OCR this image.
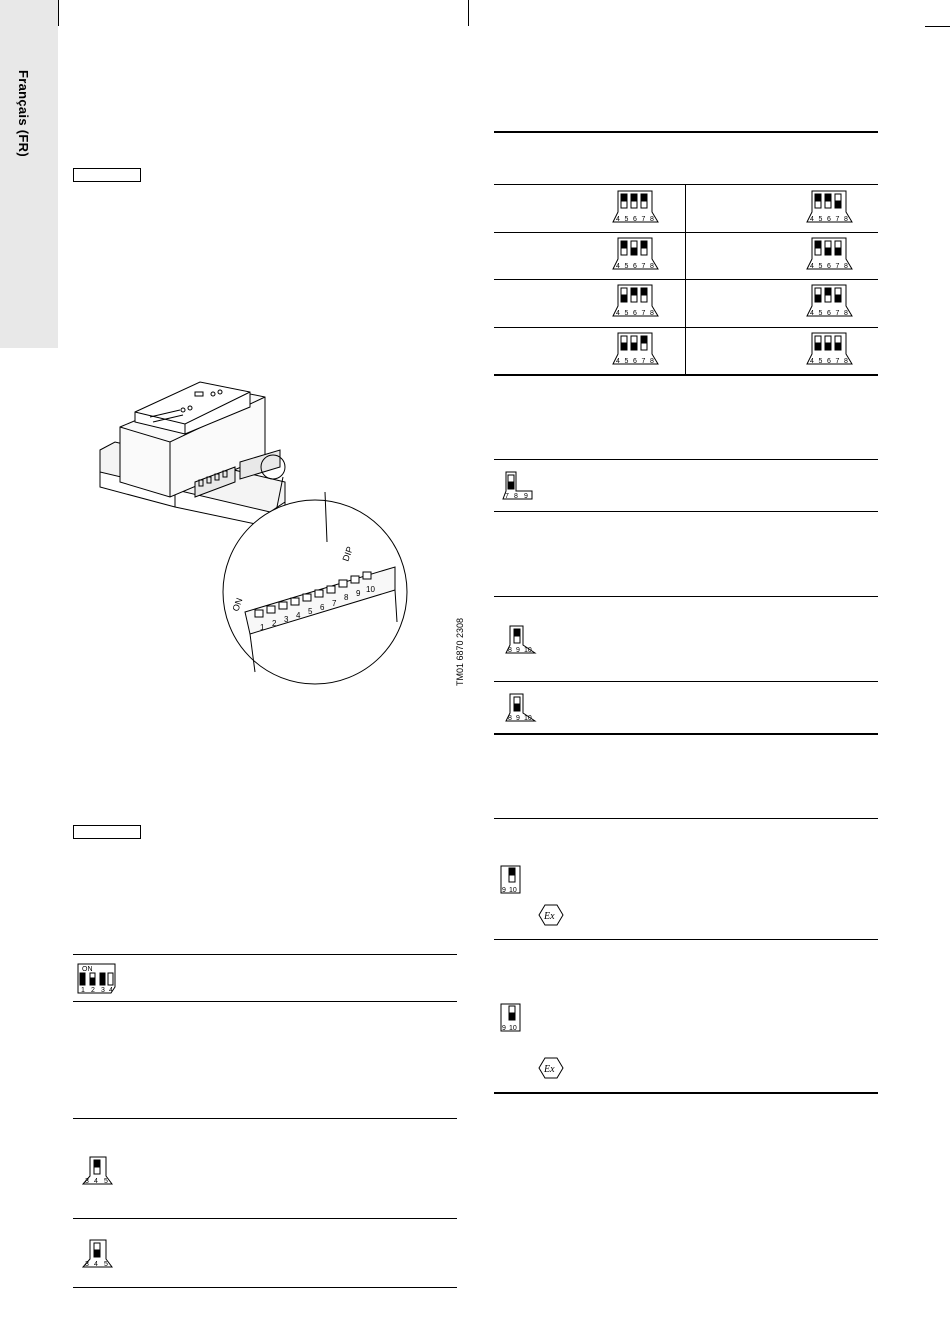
Français (FR)
ON
DIP
1 2 3 4 5 6 7
8 9 10
TM01 6870 2308
ON
1 2 3 4
3 4 5
3 4 5
4 5 6 7 8	4 5 6 7 8
4 5 6 7 8	4 5 6 7 8
4 5 6 7 8	4 5 6 7 8
4 5 6 7 8	4 5 6 7 8
7 8 9
8 9 10
8 9 10
9 10
Ex
9 10
Ex
